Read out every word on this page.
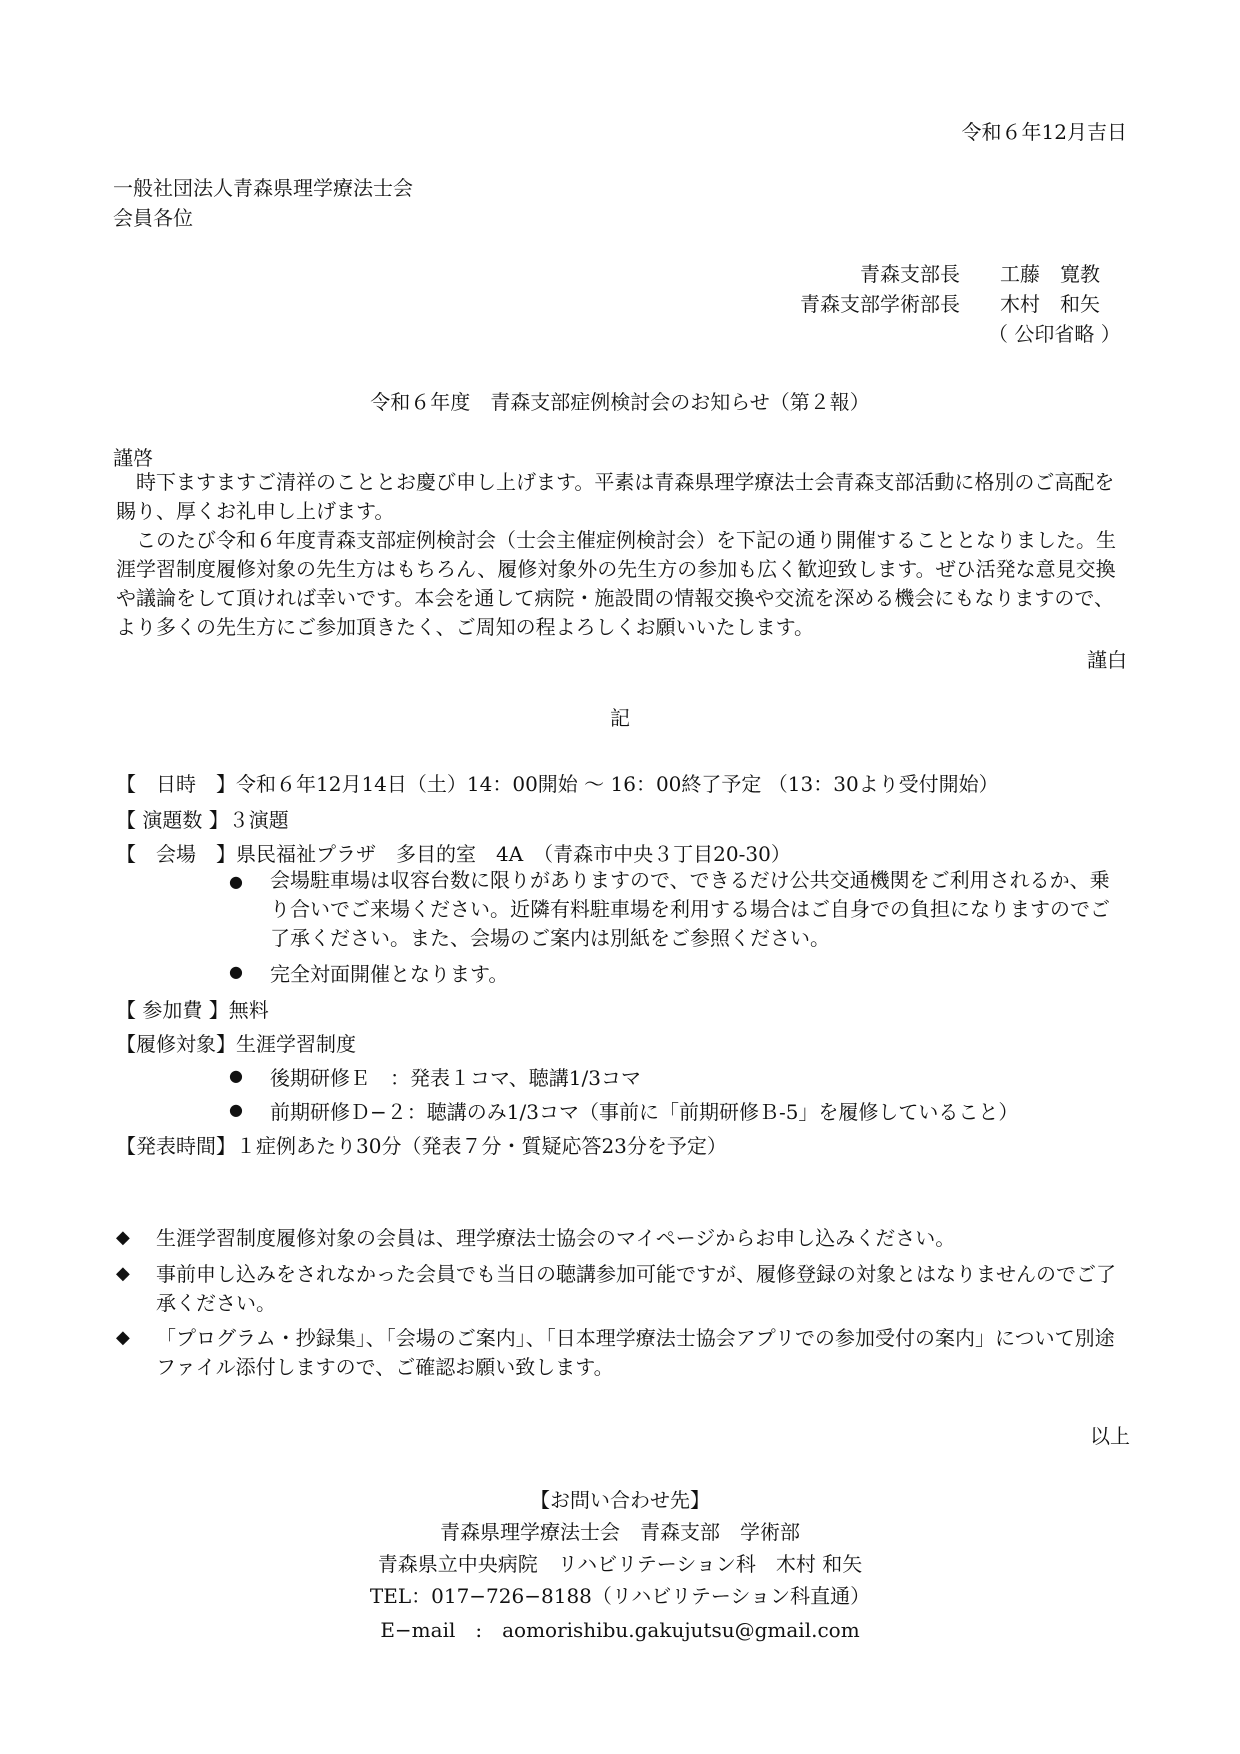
令和６年12月吉日
一般社団法人青森県理学療法士会
会員各位
青森支部長 工藤　寛教
青森支部学術部長 木村　和矢
（ 公印省略 ）
令和６年度　青森支部症例検討会のお知らせ（第２報）
謹啓
　時下ますますご清祥のこととお慶び申し上げます。平素は青森県理学療法士会青森支部活動に格別のご高配を賜り、厚くお礼申し上げます。
　このたび令和６年度青森支部症例検討会（士会主催症例検討会）を下記の通り開催することとなりました。生涯学習制度履修対象の先生方はもちろん、履修対象外の先生方の参加も広く歓迎致します。ぜひ活発な意見交換や議論をして頂ければ幸いです。本会を通して病院・施設間の情報交換や交流を深める機会にもなりますので、より多くの先生方にご参加頂きたく、ご周知の程よろしくお願いいたします。
謹白
記
【　日時　】令和６年12月14日（土）14：00開始 ～ 16：00終了予定 （13：30より受付開始）
【 演題数 】３演題
【　会場　】県民福祉プラザ　多目的室　4A　（青森市中央３丁目20‐30）
● 会場駐車場は収容台数に限りがありますので、できるだけ公共交通機関をご利用されるか、乗り合いでご来場ください。近隣有料駐車場を利用する場合はご自身での負担になりますのでご了承ください。また、会場のご案内は別紙をご参照ください。
● 完全対面開催となります。
【 参加費 】無料
【履修対象】生涯学習制度
● 後期研修Ｅ　：発表１コマ、聴講1/3コマ
● 前期研修Ｄ−２：聴講のみ1/3コマ（事前に「前期研修Ｂ-5」を履修していること）
【発表時間】１症例あたり30分（発表７分・質疑応答23分を予定）
◆ 生涯学習制度履修対象の会員は、理学療法士協会のマイページからお申し込みください。
◆ 事前申し込みをされなかった会員でも当日の聴講参加可能ですが、履修登録の対象とはなりませんのでご了承ください。
◆ 「プログラム・抄録集」、「会場のご案内」、「日本理学療法士協会アプリでの参加受付の案内」について別途ファイル添付しますので、ご確認お願い致します。
以上
【お問い合わせ先】
青森県理学療法士会　青森支部　学術部
青森県立中央病院　リハビリテーション科　木村 和矢
TEL：017−726−8188（リハビリテーション科直通）
E−mail　:　aomorishibu.gakujutsu@gmail.com
